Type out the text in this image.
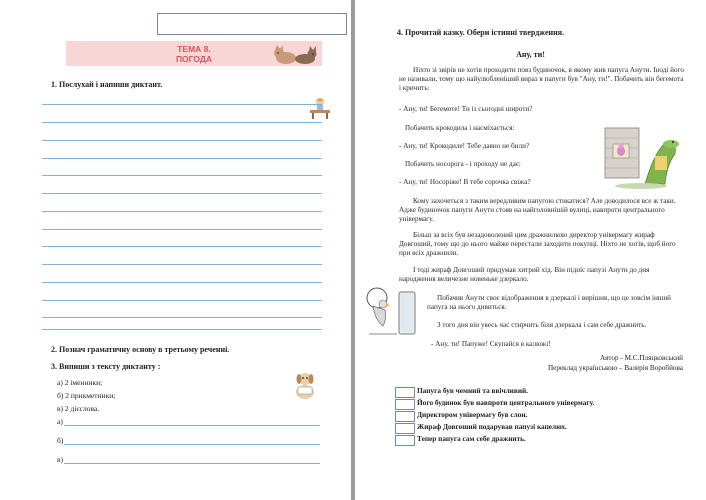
ТЕМА 8.
ПОГОДА
1. Послухай і напиши диктант.
2. Познач граматичну основу в третьому реченні.
3. Випиши з тексту диктанту :
а) 2 іменники;
б) 2 прикметники;
в) 2 дієслова.
а)
б)
в)
4. Прочитай казку. Обери істинні твердження.
Ану, ти!
Ніхто зі звірів не хотів проходити повз будиночок, в якому жив папуга Анути. Іноді його не називали, тому що найулюбленіший вираз в папуги був "Ану, ти!". Побачить він бегемота і кричить:
- Ану, ти! Бегемоте! Ти із сьогодні широти?
Побачить крокодила і насміхається:
- Ану, ти! Крокодиле! Тебе давно не били?
Побачить носорога - і проходу не дає:
- Ану, ти! Носоріже! В тебе сорочка свіжа?
Кому захочеться з таким вередливим папугою стикатися? Але доводилося все ж таки. Адже будиночок папуги Анути стояв на найголовнішій вулиці, навпроти центрального універмагу.
Більш за всіх був незадоволений цим дражнилкою директор універмагу жираф Довгоший, тому що до нього майже перестали заходити покупці. Ніхто не хотів, щоб його при всіх дражнили.
І тоді жираф Довгоший придумав хитрий хід. Він підніс папузі Анути до дня народження величезне новеньке дзеркало.
Побачив Анути своє відображення в дзеркалі і вирішив, що це зовсім інший папуга на нього дивиться.
З того дня він увесь час стирчить біля дзеркала і сам себе дражнить.
- Ану, ти! Папуже! Скупайся в калюжі!
Автор - М.С.Пляцковський
Переклад українською – Валерія Воробйова
Папуга був чемний та ввічливий.
Його будинок був навпроти центрального універмагу.
Директором універмагу був слон.
Жираф Довгоший подарував папузі капелюх.
Тепер папуга сам себе дражнить.
